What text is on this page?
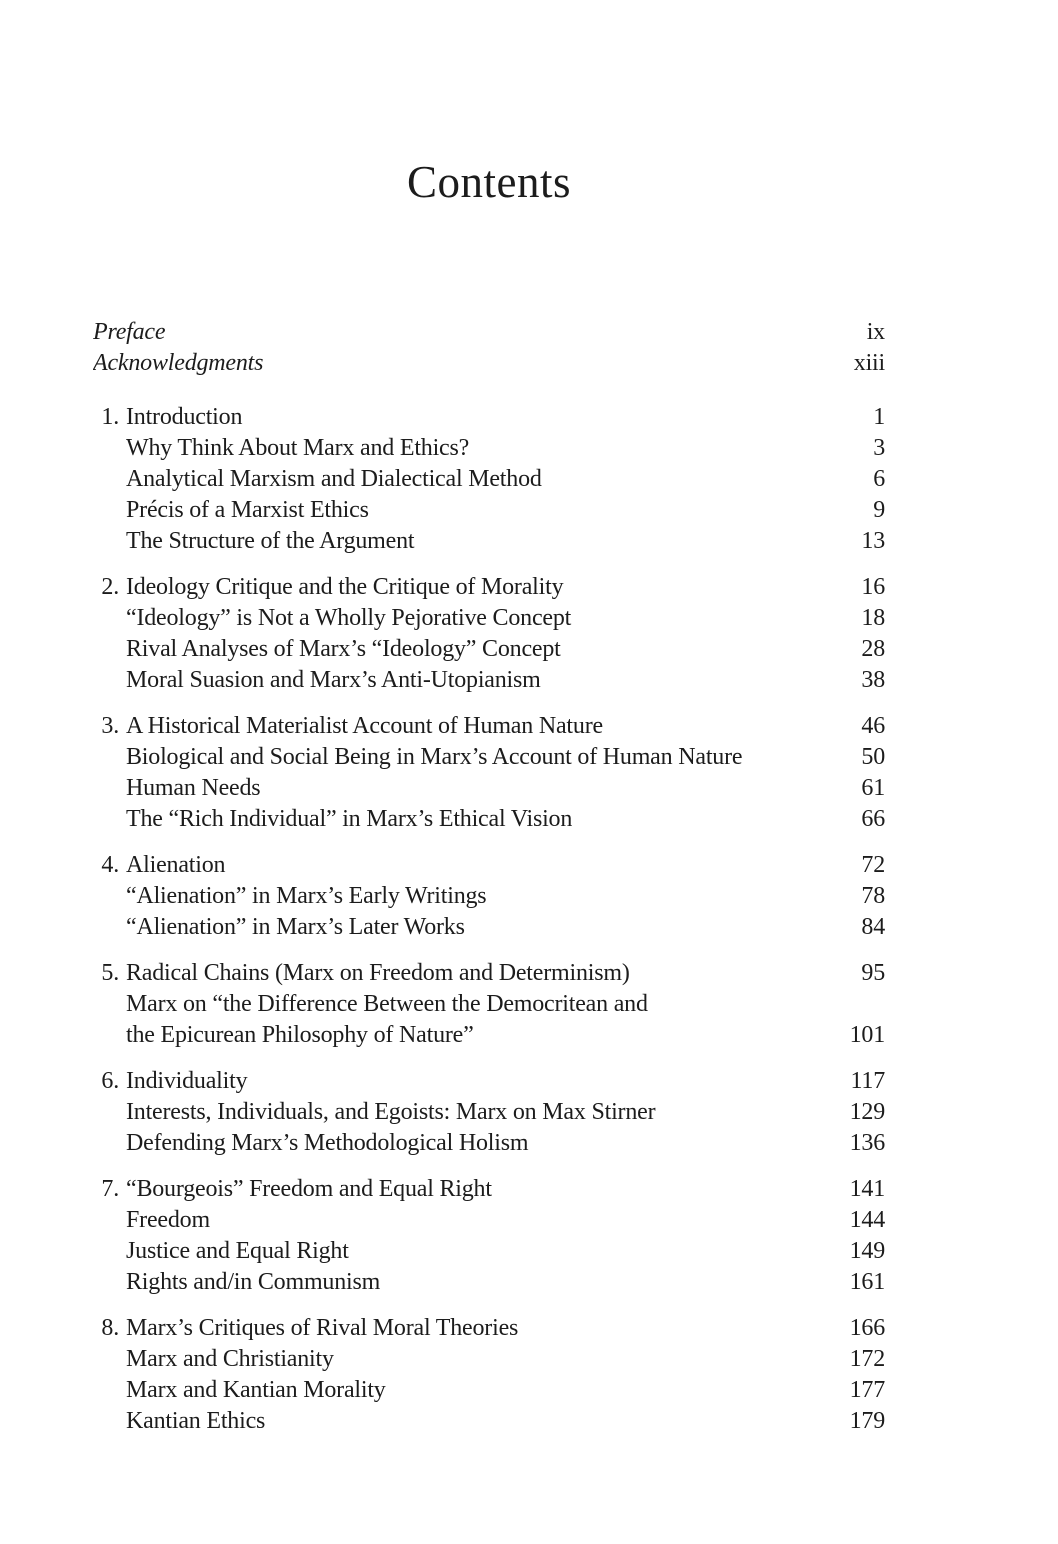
Contents
Preface	ix
Acknowledgments	xiii
1. Introduction	1
Why Think About Marx and Ethics?	3
Analytical Marxism and Dialectical Method	6
Précis of a Marxist Ethics	9
The Structure of the Argument	13
2. Ideology Critique and the Critique of Morality	16
“Ideology” is Not a Wholly Pejorative Concept	18
Rival Analyses of Marx’s “Ideology” Concept	28
Moral Suasion and Marx’s Anti-Utopianism	38
3. A Historical Materialist Account of Human Nature	46
Biological and Social Being in Marx’s Account of Human Nature	50
Human Needs	61
The “Rich Individual” in Marx’s Ethical Vision	66
4. Alienation	72
“Alienation” in Marx’s Early Writings	78
“Alienation” in Marx’s Later Works	84
5. Radical Chains (Marx on Freedom and Determinism)	95
Marx on “the Difference Between the Democritean and
the Epicurean Philosophy of Nature”	101
6. Individuality	117
Interests, Individuals, and Egoists: Marx on Max Stirner	129
Defending Marx’s Methodological Holism	136
7. “Bourgeois” Freedom and Equal Right	141
Freedom	144
Justice and Equal Right	149
Rights and/in Communism	161
8. Marx’s Critiques of Rival Moral Theories	166
Marx and Christianity	172
Marx and Kantian Morality	177
Kantian Ethics	179
